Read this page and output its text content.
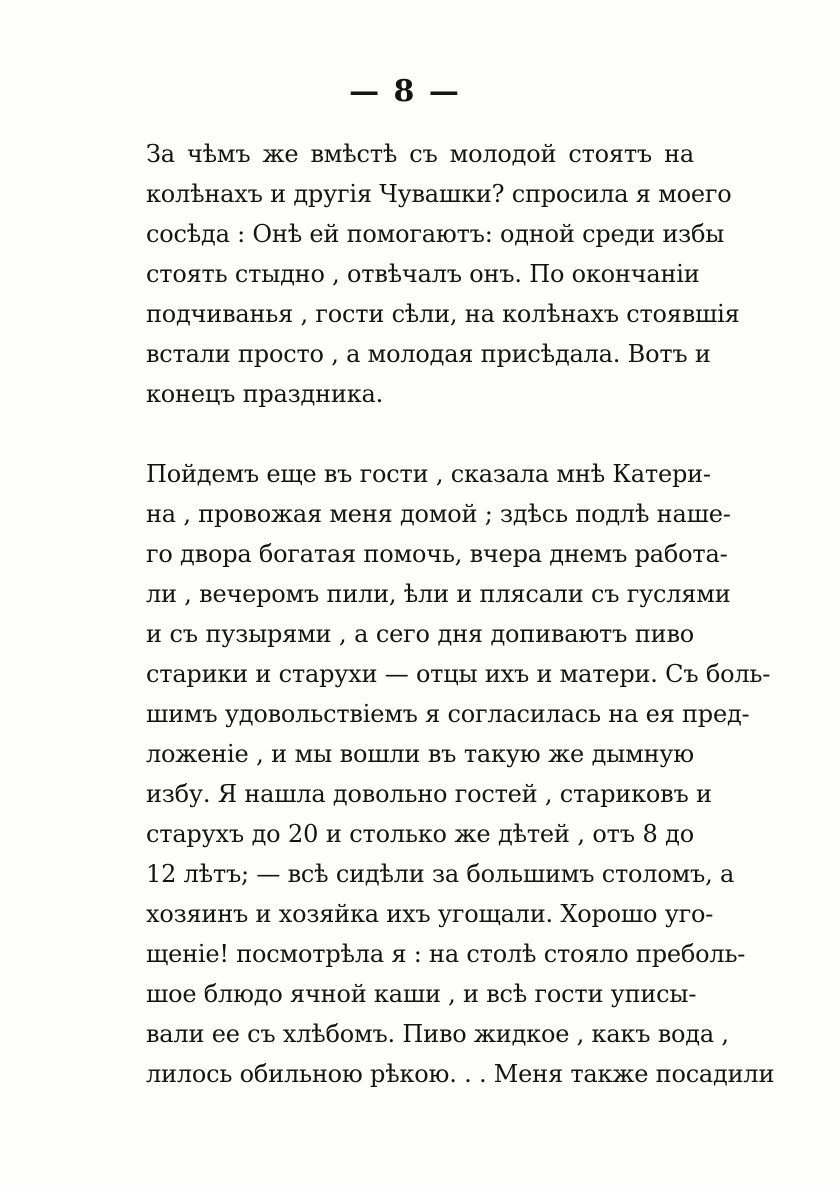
— 8 —
За чѣмъ же вмѣстѣ съ молодой стоятъ на
колѣнахъ и другія Чувашки? спросила я моего
сосѣда : Онѣ ей помогаютъ: одной среди избы
стоять стыдно , отвѣчалъ онъ. По окончаніи
подчиванья , гости сѣли, на колѣнахъ стоявшія
встали просто , а молодая присѣдала. Вотъ и
конецъ праздника.
Пойдемъ еще въ гости , сказала мнѣ Катери-
на , провожая меня домой ; здѣсь подлѣ наше-
го двора богатая помочь, вчера днемъ работа-
ли , вечеромъ пили, ѣли и плясали съ гуслями
и съ пузырями , а сего дня допиваютъ пиво
старики и старухи — отцы ихъ и матери. Съ боль-
шимъ удовольствіемъ я согласилась на ея пред-
ложеніе , и мы вошли въ такую же дымную
избу. Я нашла довольно гостей , стариковъ и
старухъ до 20 и столько же дѣтей , отъ 8 до
12 лѣтъ; — всѣ сидѣли за большимъ столомъ, а
хозяинъ и хозяйка ихъ угощали. Хорошо уго-
щеніе! посмотрѣла я : на столѣ стояло преболь-
шое блюдо ячной каши , и всѣ гости уписы-
вали ее съ хлѣбомъ. Пиво жидкое , какъ вода ,
лилось обильною рѣкою. . . Меня также посадили
